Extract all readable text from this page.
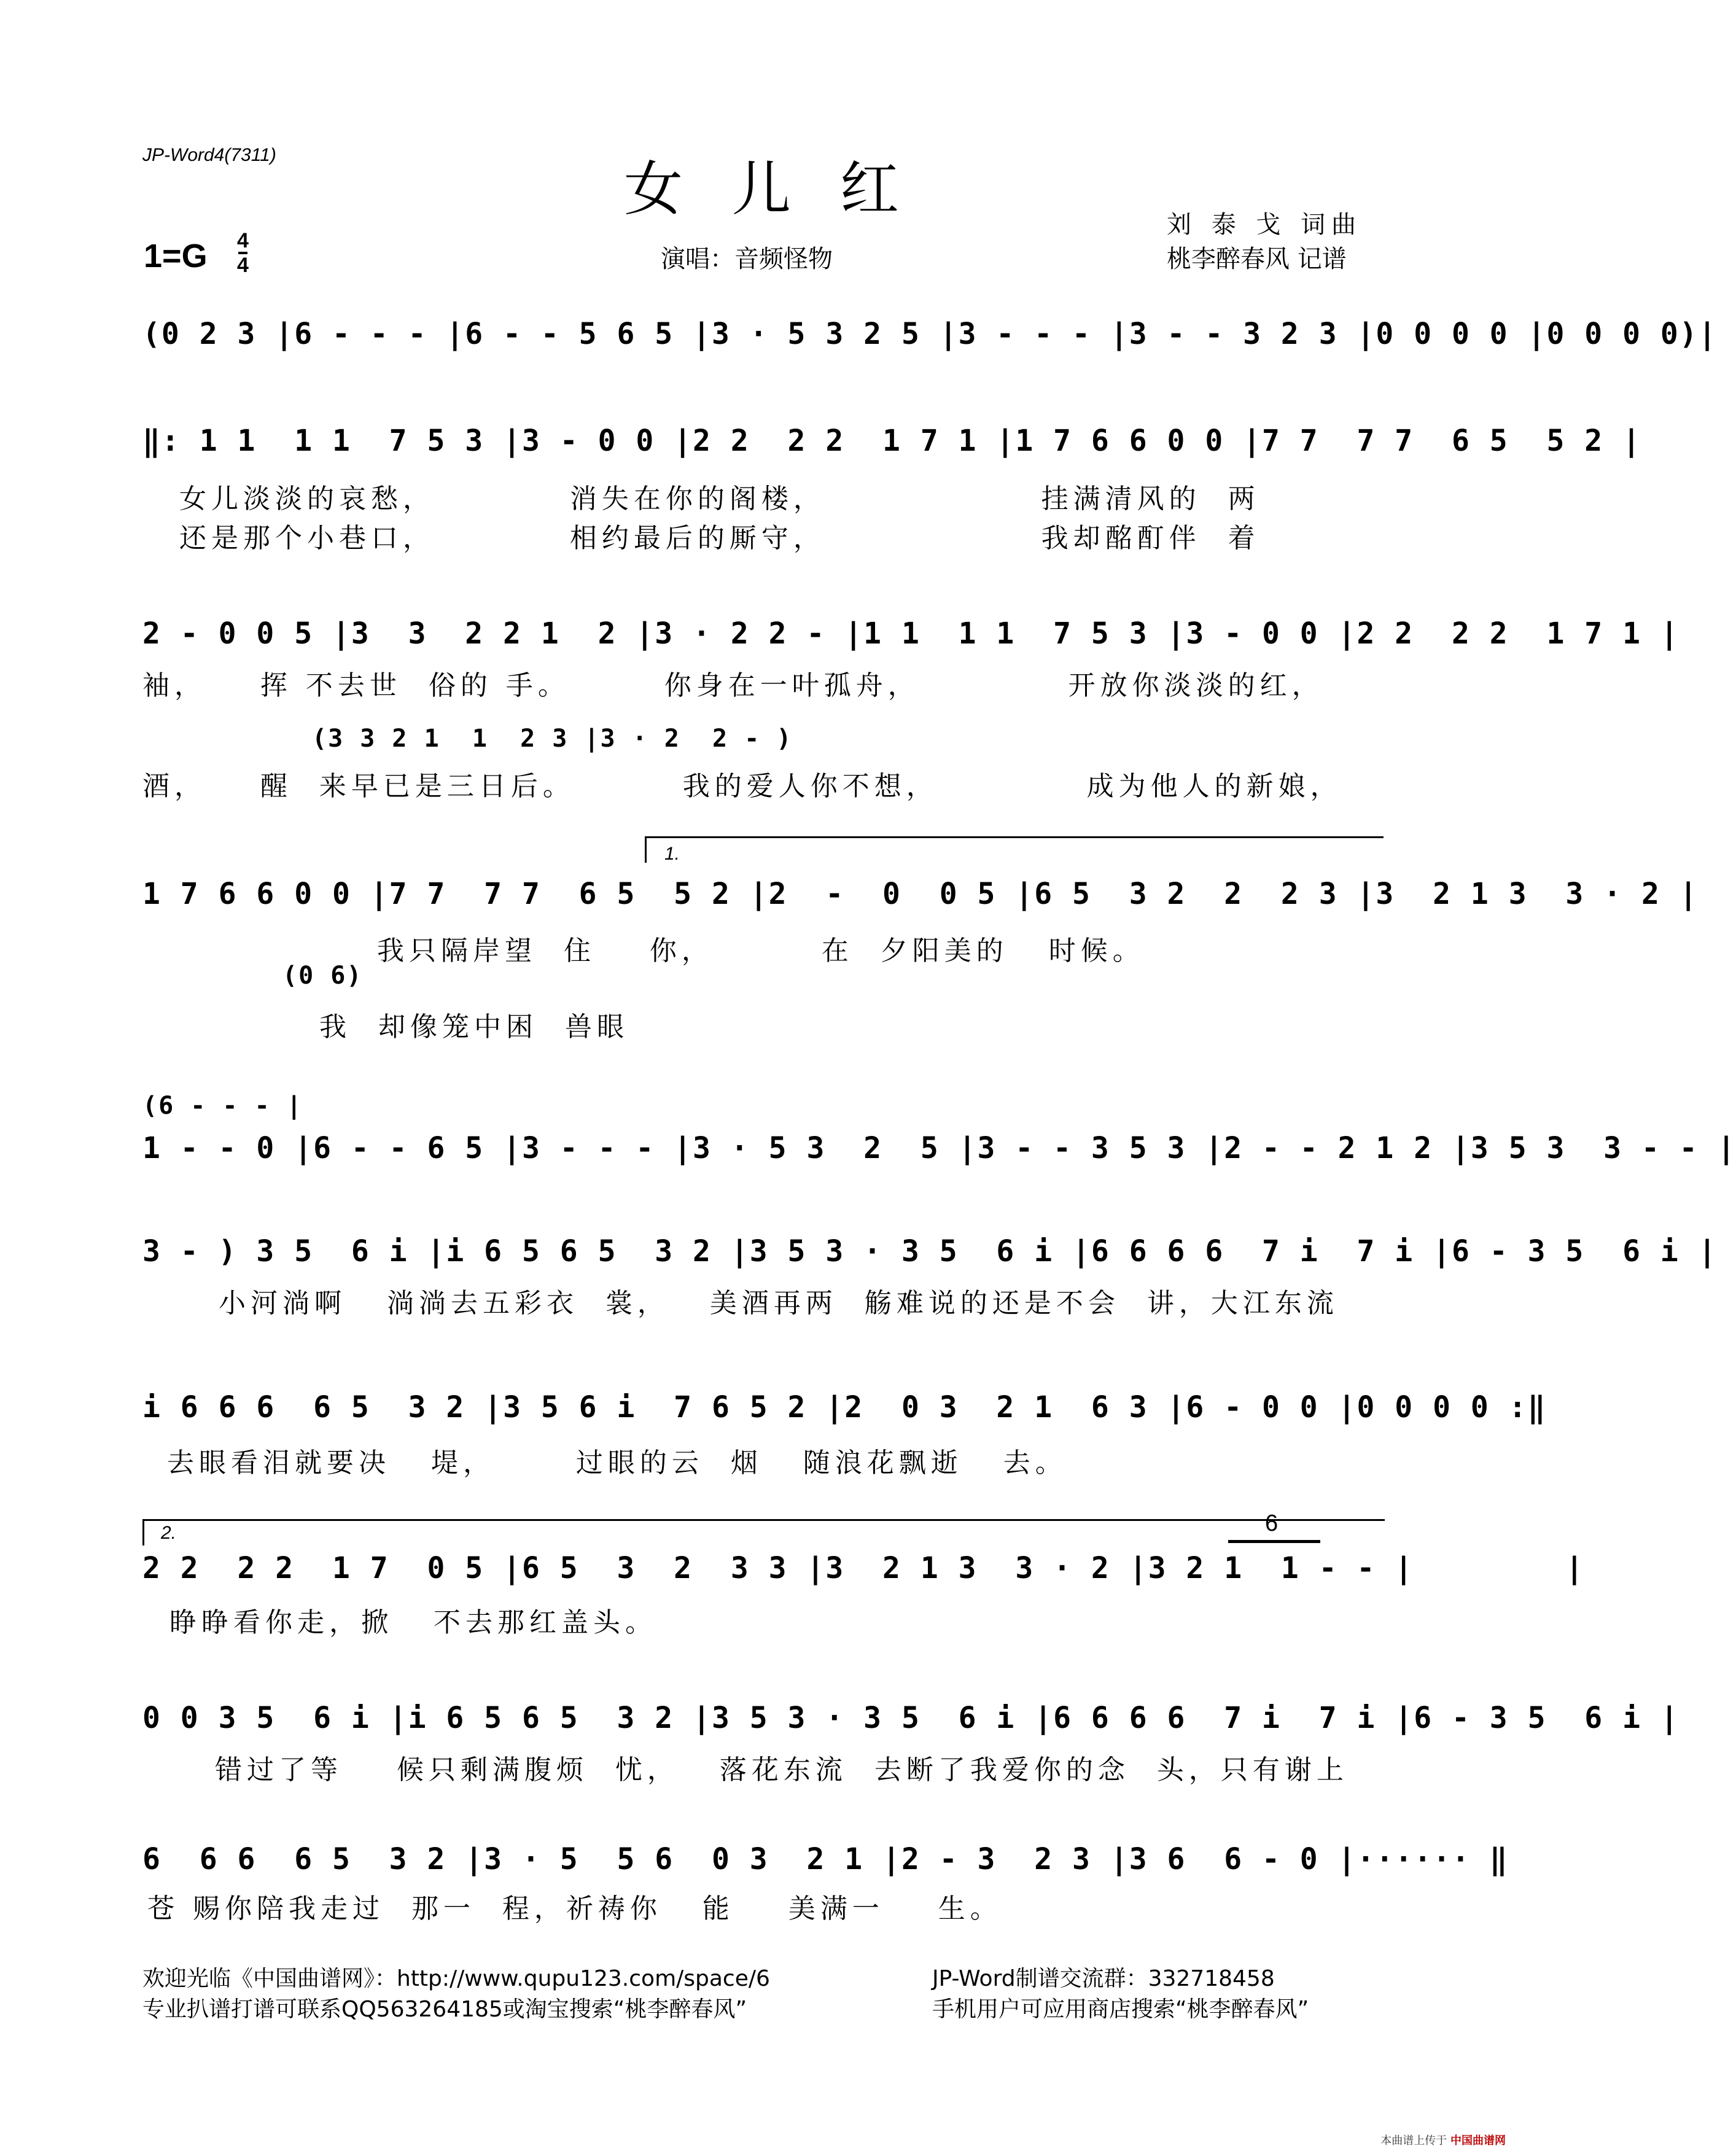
JP-Word4(7311)	女儿红
1=G 4
4	演唱：音频怪物
刘 泰 戈 词曲
桃李醉春风 记谱
(0 2 3 |6 - - - |6 - - 5 6 5 |3 · 5 3 2 5 |3 - - - |3 - - 3 2 3 |0 0 0 0 |0 0 0 0)|
‖: 1 1  1 1  7 5 3 |3 - 0 0 |2 2  2 2  1 7 1 |1 7 6 6 0 0 |7 7  7 7  6 5  5 2 |
女儿淡淡的哀愁，          消失在你的阁楼，                挂满清风的  两
还是那个小巷口，          相约最后的厮守，                我却酩酊伴  着
2 - 0 0 5 |3  3  2 2 1  2 |3 · 2 2 - |1 1  1 1  7 5 3 |3 - 0 0 |2 2  2 2  1 7 1 |
袖，    挥 不去世  俗的 手。       你身在一叶孤舟，           开放你淡淡的红，
(3 3 2 1  1  2 3 |3 · 2  2 - )
酒，    醒  来早已是三日后。        我的爱人你不想，           成为他人的新娘，
1.
1 7 6 6 0 0 |7 7  7 7  6 5  5 2 |2  -  0  0 5 |6 5  3 2  2  2 3 |3  2 1 3  3 · 2 |
我只隔岸望  住    你，        在  夕阳美的   时候。
(0 6)
我  却像笼中困  兽眼
(6 - - - |
1 - - 0 |6 - - 6 5 |3 - - - |3 · 5 3  2  5 |3 - - 3 5 3 |2 - - 2 1 2 |3 5 3  3 - - |
3 - ) 3 5  6 i |i 6 5 6 5  3 2 |3 5 3 · 3 5  6 i |6 6 6 6  7 i  7 i |6 - 3 5  6 i |
小河淌啊   淌淌去五彩衣  裳，   美酒再两  觞难说的还是不会  讲，大江东流
i 6 6 6  6 5  3 2 |3 5 6 i  7 6 5 2 |2  0 3  2 1  6 3 |6 - 0 0 |0 0 0 0 :‖
去眼看泪就要决   堤，      过眼的云  烟   随浪花飘逝   去。
2.	6
2 2  2 2  1 7  0 5 |6 5  3  2  3 3 |3  2 1 3  3 · 2 |3 2 1  1 - - |        |
睁睁看你走，掀   不去那红盖头。
0 0 3 5  6 i |i 6 5 6 5  3 2 |3 5 3 · 3 5  6 i |6 6 6 6  7 i  7 i |6 - 3 5  6 i |
错过了等    候只剩满腹烦  忧，   落花东流  去断了我爱你的念  头，只有谢上
6  6 6  6 5  3 2 |3 · 5  5 6  0 3  2 1 |2 - 3  2 3 |3 6  6 - 0 |······ ‖
苍 赐你陪我走过  那一  程，祈祷你   能    美满一    生。
欢迎光临《中国曲谱网》：http://www.qupu123.com/space/6
专业扒谱打谱可联系QQ563264185或淘宝搜索“桃李醉春风”
JP-Word制谱交流群：332718458
手机用户可应用商店搜索“桃李醉春风”
本曲谱上传于 中国曲谱网
